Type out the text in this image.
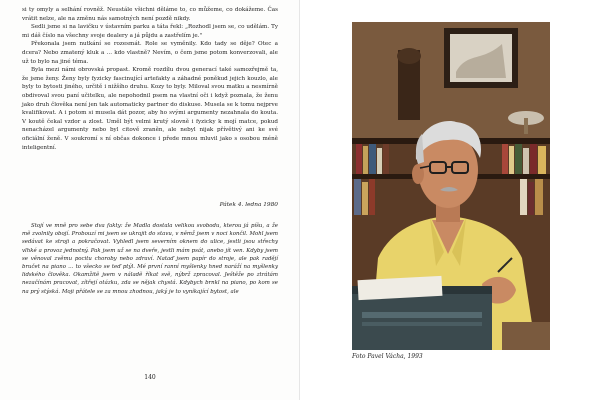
si ty omyly a selhání rovněž. Neustále všichni děláme to, co můžeme, co dokážeme. Čas vrátit nelze, ale na změnu nás samotných není pozdě nikdy.

Sedli jsme si na lavičku v ústavním parku a táta řekl: „Rozhodl jsem se, co udělám. Ty mi dáš číslo na všechny svoje dealery a já půjdu a zastřelím je."

Překonala jsem nutkání se rozesmát. Role se vyměnily. Kdo tady se děje? Otec a dcera? Nebo zmatený kluk a … kdo vlastně? Nevím, o čem jsme potom konverzovali, ale už to bylo na jiné téma.

Byla mezi námi obrovská propast. Kromě rozdílu dvou generací také samozřejmě ta, že jsme ženy. Ženy byly fyzicky fascinující artefakty a záhadné poněkud jejich kouzlo, ale byly to bytosti jiného, určitě i nižšího druhu. Kozy to byly. Miloval svou matku a nesmírně obdivoval svou paní učitelku, ale nepohodnil psem na vlastní oči i když poznala, že ženu jako druh člověka není jen tak automaticky partner do diskuse. Musela se k tomu nejprve kvalifikovat. A i potom si musela dát pozor, aby ho svými argumenty nezahnala do kouta. V koutě čekal vzdor a zlost. Uměl být velmi krutý slovně i fyzicky k mojí matce, pokud nenacházel argumenty nebo byl citově zraněn, ale nebyl nijak přívětivý ani ke své oficiální ženě. V soukromí s ní občas dokonce i přede mnou mluvil jako s osobou méně inteligentní.

Pátek 4. ledna 1980

Stojí ve mně pro sebe dva fakty: že Madla dostala velikou svobodu, kterou já píšu, a že mě zvolnily obojí. Probouzí mi jsem se ukrajit do stavu, v němž jsem v noci končil. Mohl jsem sedávat ke stroji a pokračovat. Vyhledl jsem severním oknem do ulice, jestli jsou střechy vlhké a provoz jednotný. Pak jsem už se na dveře, jestli mám psát, anebo jít ven. Kdyby jsem se věnoval zvěmu pocitu choroby nebo zdraví. Nataď jsem papír do stroje, ale pak radějí bručet na piano … to všecko se teď ptýl. Mé první ranní myšlenky hned naráží na myšlenky lidského člověka. Okamžitě jsem v náladě říkat svě, nýbrž zpracoval. Ještěže po ztrátám nezačínám pracovat, zítřejí otázku, zda se nějak chystá. Kdybych brnkl na piano, po kom se na prý stýská. Moji přátele se za mnou zhodnou, jaký je to vyníkající bytost, ale

140
Foto Pavel Vácha, 1993
